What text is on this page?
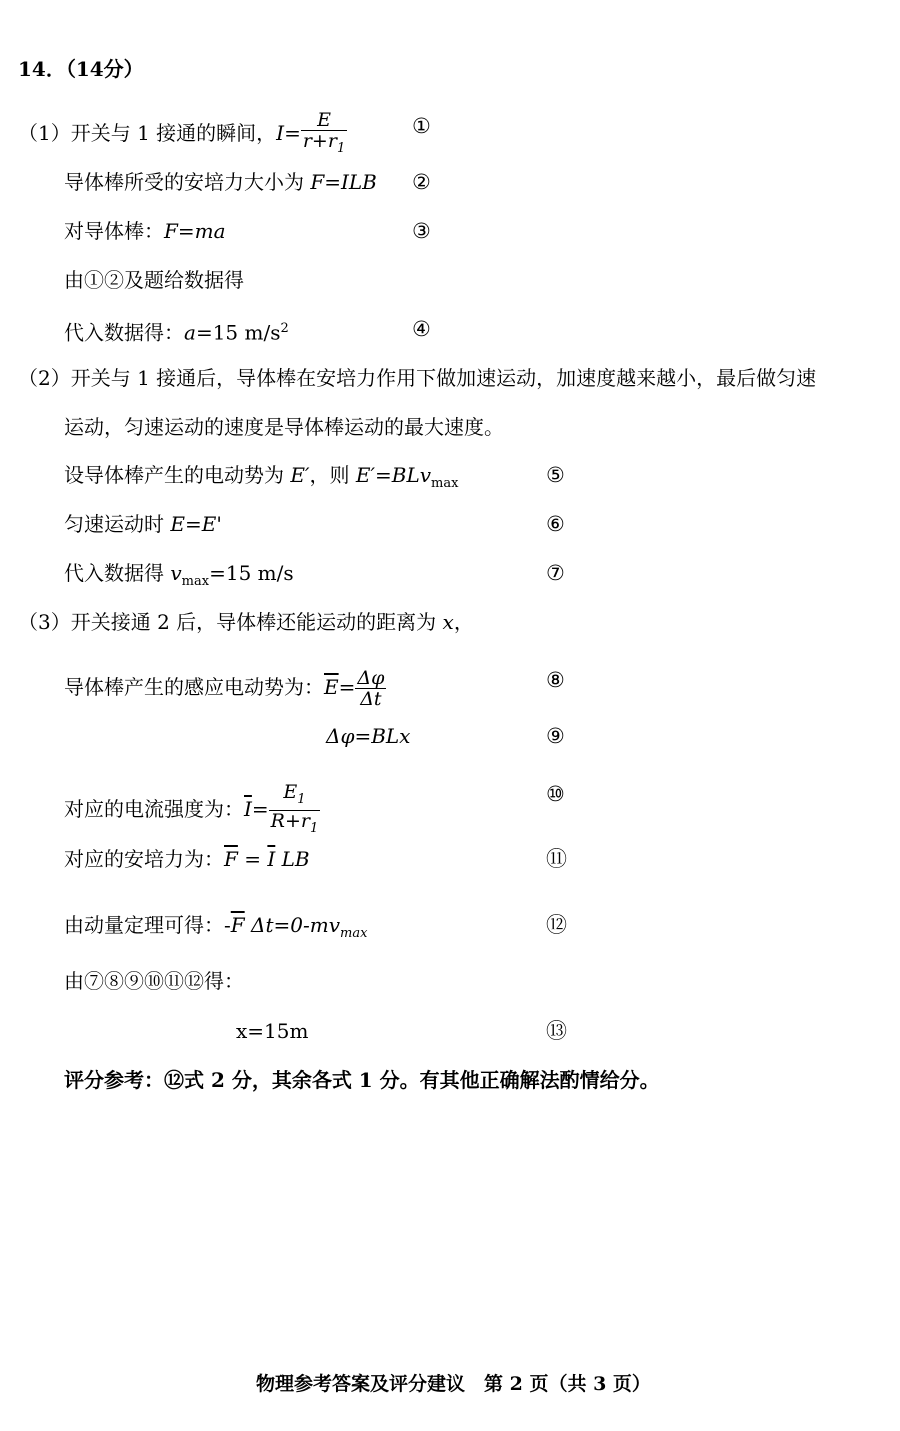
14．（14分）
（1）开关与 1 接通的瞬间，$I= \frac{E}{r+r_1}$	①
导体棒所受的安培力大小为 F=ILB ②
对导体棒：F=ma	③
由①②及题给数据得
代入数据得：a=15 $m/s^2$	④
（2）开关与 1 接通后，导体棒在安培力作用下做加速运动，加速度越来越小，最后做匀速
运动，匀速运动的速度是导体棒运动的最大速度。
设导体棒产生的电动势为 E′，则 E′=BLv$_{max}$	⑤
匀速运动时 E=E'	⑥
代入数据得 $v_{max}=15$ m/s	⑦
（3）开关接通 2 后，导体棒还能运动的距离为 x，
导体棒产生的感应电动势为：$\overline{E}= \frac{\Delta\varphi}{\Delta t}$	⑧
Δφ=BLx	⑨
对应的电流强度为：$\overline{I}= \frac{E_1}{R+r_1}$	⑩
对应的安培力为：$\overline{F} = \overline{I}$ LB	⑪
由动量定理可得：$-\overline{F}$ $\Delta t=0-mv_{max}$	⑫
由⑦⑧⑨⑩⑪⑫得：
x=15m	⑬
评分参考：⑫式 2 分，其余各式 1 分。有其他正确解法酌情给分。
物理参考答案及评分建议　第 2 页（共 3 页）
